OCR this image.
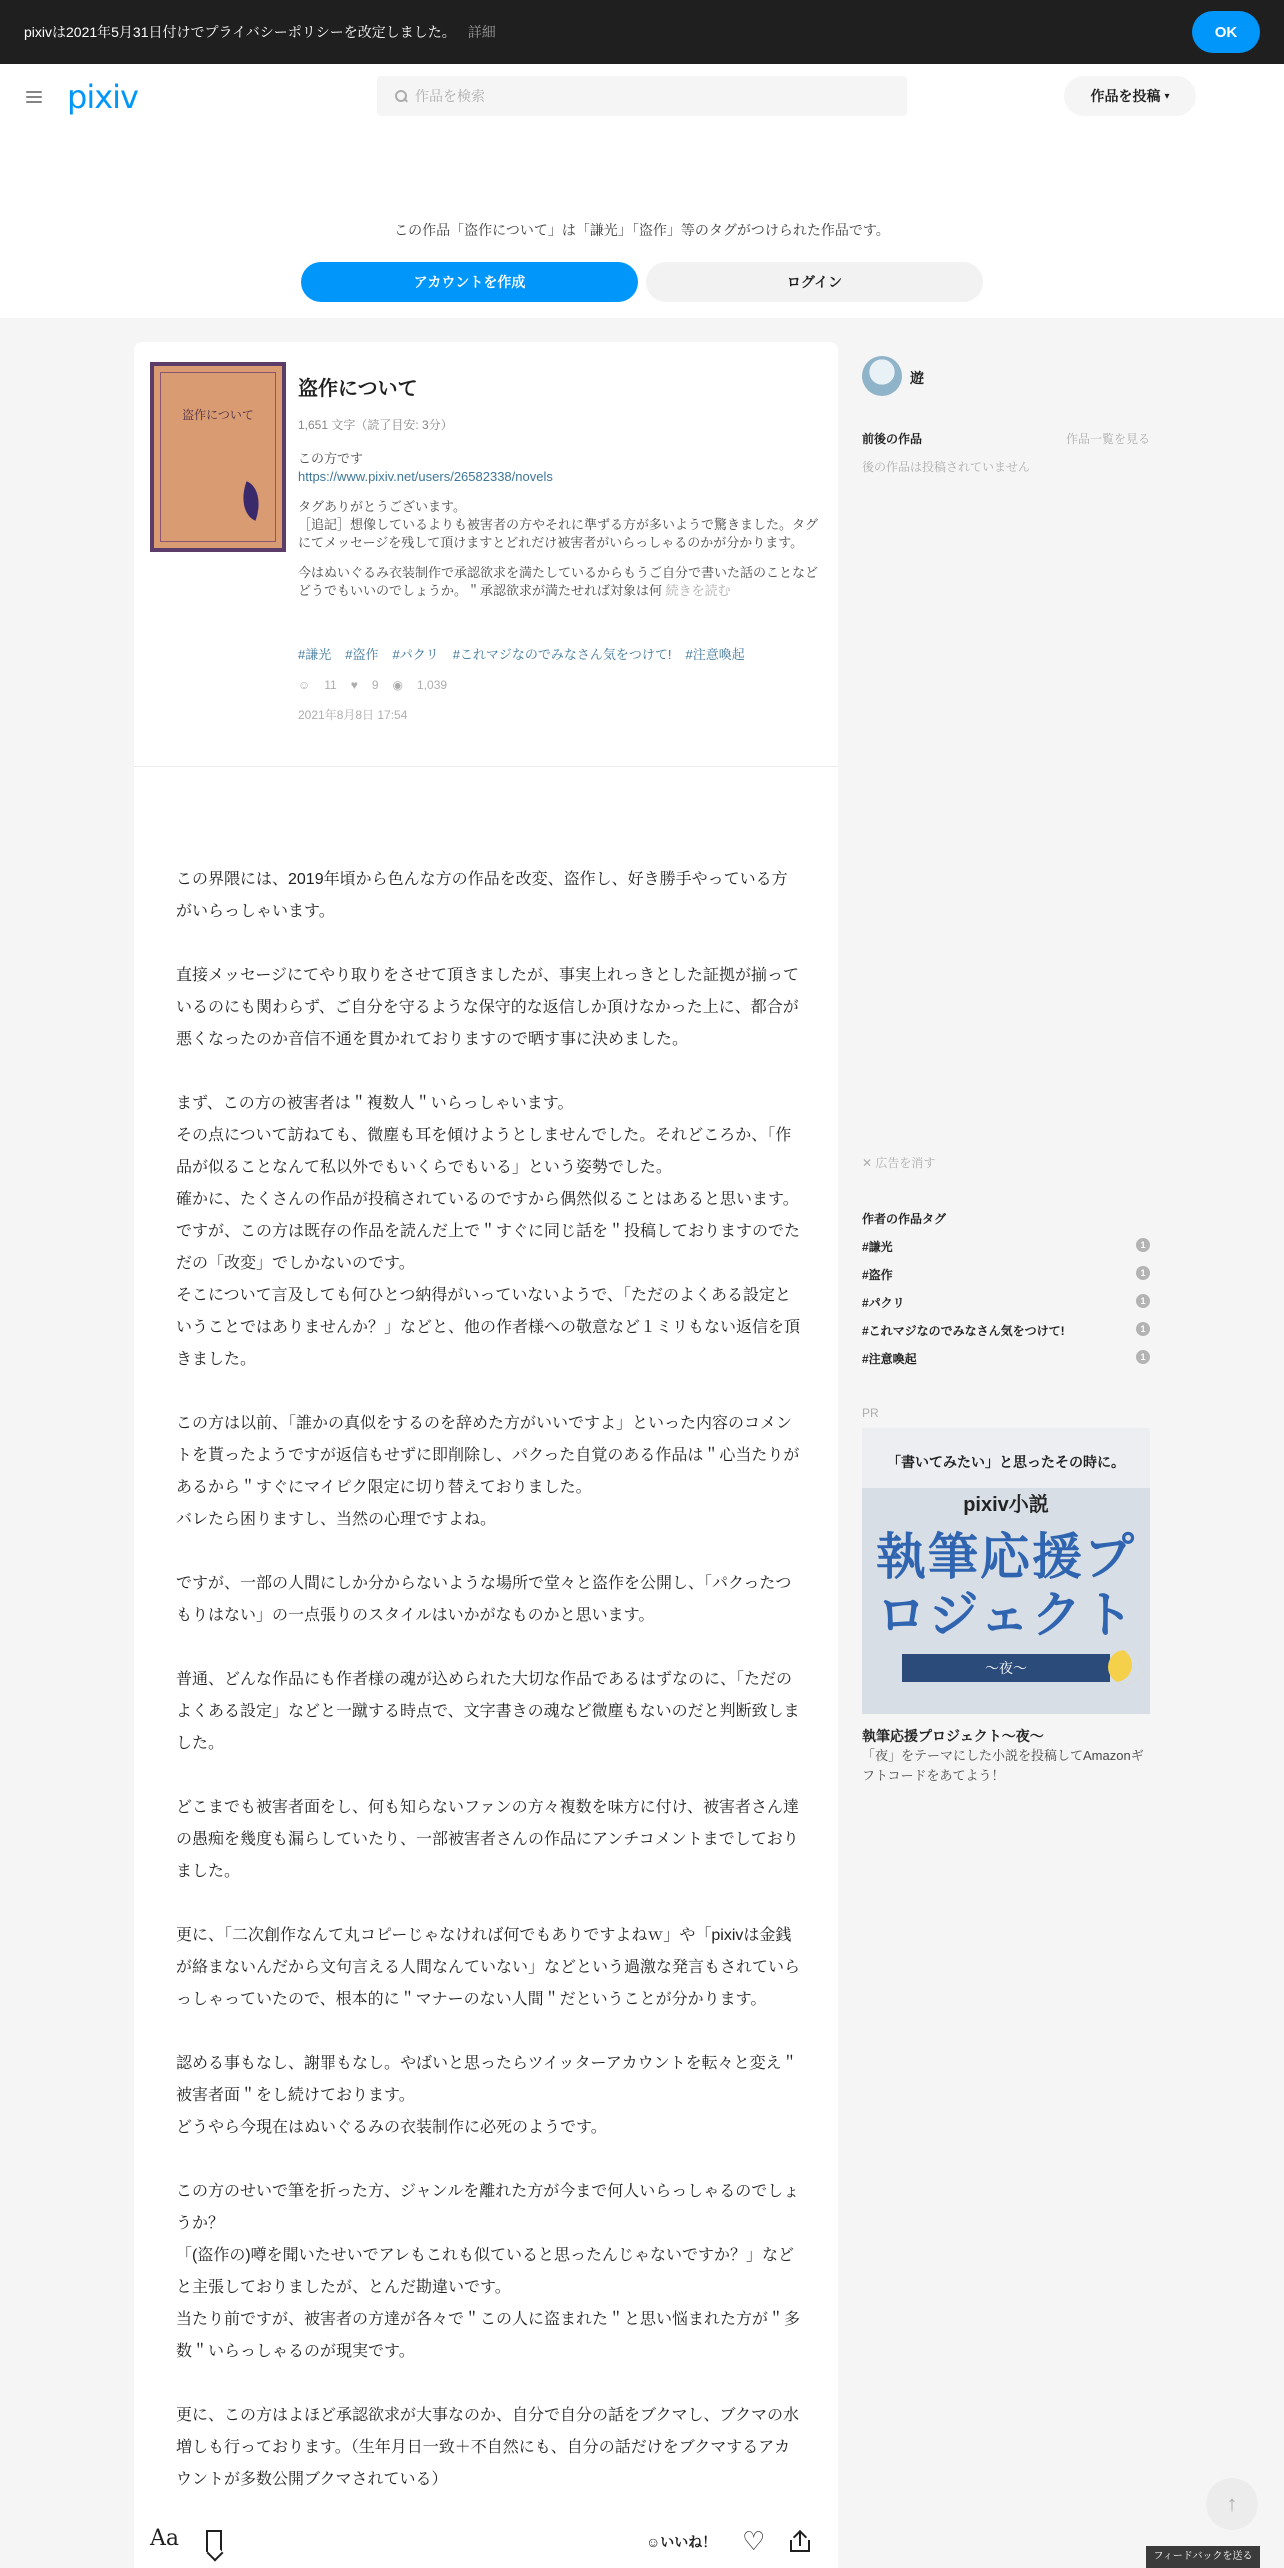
pixivは2021年5月31日付けでプライバシーポリシーを改定しました。 詳細	OK
pixiv	作品を検索	作品を投稿 ▾
この作品「盗作について」は「謙光」「盗作」等のタグがつけられた作品です。
アカウントを作成	ログイン
盗作について
盗作について
1,651 文字（読了目安: 3分）

この方です
https://www.pixiv.net/users/26582338/novels

タグありがとうございます。
［追記］想像しているよりも被害者の方やそれに準ずる方が多いようで驚きました。タグにてメッセージを残して頂けますとどれだけ被害者がいらっしゃるのかが分かります。

今はぬいぐるみ衣装制作で承認欲求を満たしているからもうご自分で書いた話のことなどどうでもいいのでしょうか。＂承認欲求が満たせれば対象は何 続きを読む

#謙光 #盗作 #パクリ #これマジなのでみなさん気をつけて! #注意喚起
☺ 11 ♥ 9 ◉ 1,039
2021年8月8日 17:54

この界隈には、2019年頃から色んな方の作品を改変、盗作し、好き勝手やっている方がいらっしゃいます。

直接メッセージにてやり取りをさせて頂きましたが、事実上れっきとした証拠が揃っているのにも関わらず、ご自分を守るような保守的な返信しか頂けなかった上に、都合が悪くなったのか音信不通を貫かれておりますので晒す事に決めました。

まず、この方の被害者は＂複数人＂いらっしゃいます。
その点について訪ねても、微塵も耳を傾けようとしませんでした。それどころか、「作品が似ることなんて私以外でもいくらでもいる」という姿勢でした。
確かに、たくさんの作品が投稿されているのですから偶然似ることはあると思います。ですが、この方は既存の作品を読んだ上で＂すぐに同じ話を＂投稿しておりますのでただの「改変」でしかないのです。
そこについて言及しても何ひとつ納得がいっていないようで、「ただのよくある設定ということではありませんか？」などと、他の作者様への敬意など１ミリもない返信を頂きました。

この方は以前、「誰かの真似をするのを辞めた方がいいですよ」といった内容のコメントを貰ったようですが返信もせずに即削除し、パクった自覚のある作品は＂心当たりがあるから＂すぐにマイピク限定に切り替えておりました。
バレたら困りますし、当然の心理ですよね。

ですが、一部の人間にしか分からないような場所で堂々と盗作を公開し、「パクったつもりはない」の一点張りのスタイルはいかがなものかと思います。

普通、どんな作品にも作者様の魂が込められた大切な作品であるはずなのに、「ただのよくある設定」などと一蹴する時点で、文字書きの魂など微塵もないのだと判断致しました。

どこまでも被害者面をし、何も知らないファンの方々複数を味方に付け、被害者さん達の愚痴を幾度も漏らしていたり、一部被害者さんの作品にアンチコメントまでしておりました。

更に、「二次創作なんて丸コピーじゃなければ何でもありですよねｗ」や「pixivは金銭が絡まないんだから文句言える人間なんていない」などという過激な発言もされていらっしゃっていたので、根本的に＂マナーのない人間＂だということが分かります。

認める事もなし、謝罪もなし。やばいと思ったらツイッターアカウントを転々と変え＂被害者面＂をし続けております。
どうやら今現在はぬいぐるみの衣装制作に必死のようです。

この方のせいで筆を折った方、ジャンルを離れた方が今まで何人いらっしゃるのでしょうか？
「(盗作の)噂を聞いたせいでアレもこれも似ていると思ったんじゃないですか？」などと主張しておりましたが、とんだ勘違いです。
当たり前ですが、被害者の方達が各々で＂この人に盗まれた＂と思い悩まれた方が＂多数＂いらっしゃるのが現実です。

更に、この方はよほど承認欲求が大事なのか、自分で自分の話をブクマし、ブクマの水増しも行っております。（生年月日一致＋不自然にも、自分の話だけをブクマするアカウントが多数公開ブクマされている）

遊
前後の作品	作品一覧を見る
後の作品は投稿されていません
✕ 広告を消す
作者の作品タグ
#謙光	1
#盗作	1
#パクリ	1
#これマジなのでみなさん気をつけて!	1
#注意喚起	1
PR
「書いてみたい」と思ったその時に。
pixiv小説
執筆応援プロジェクト
～夜～
執筆応援プロジェクト～夜～
「夜」をテーマにした小説を投稿してAmazonギフトコードをあてよう！
Aa	☺いいね！ ♡
↑
フィードバックを送る
